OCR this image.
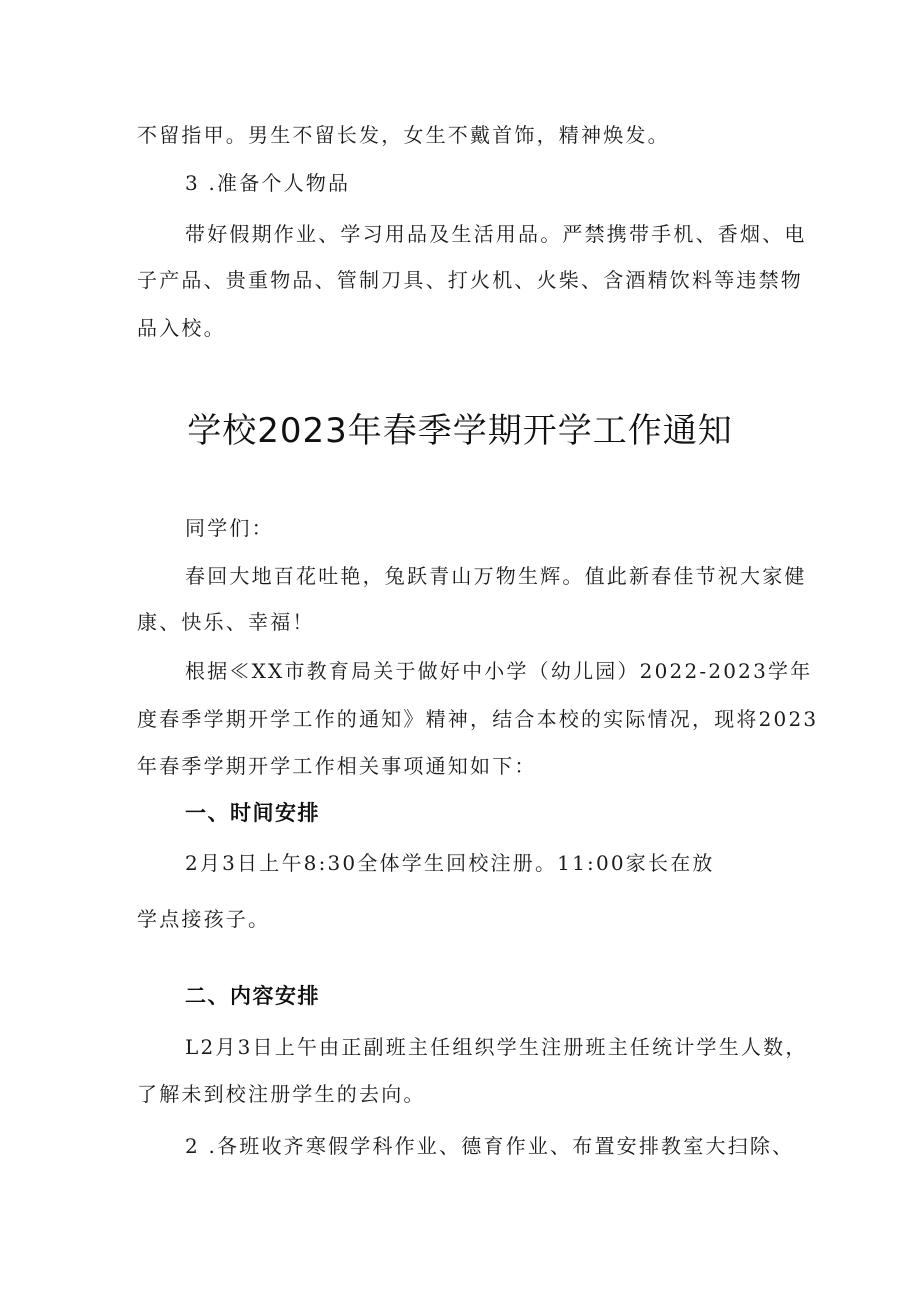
不留指甲。男生不留长发，女生不戴首饰，精神焕发。
3 .准备个人物品
带好假期作业、学习用品及生活用品。严禁携带手机、香烟、电
子产品、贵重物品、管制刀具、打火机、火柴、含酒精饮料等违禁物
品入校。
学校2023年春季学期开学工作通知
同学们：
春回大地百花吐艳，兔跃青山万物生辉。值此新春佳节祝大家健
康、快乐、幸福！
根据≪XX市教育局关于做好中小学（幼儿园）2022-2023学年
度春季学期开学工作的通知》精神，结合本校的实际情况，现将2023
年春季学期开学工作相关事项通知如下：
一、时间安排
2月3日上午8:30全体学生回校注册。11:00家长在放
学点接孩子。
二、内容安排
L2月3日上午由正副班主任组织学生注册班主任统计学生人数，
了解未到校注册学生的去向。
2 .各班收齐寒假学科作业、德育作业、布置安排教室大扫除、
